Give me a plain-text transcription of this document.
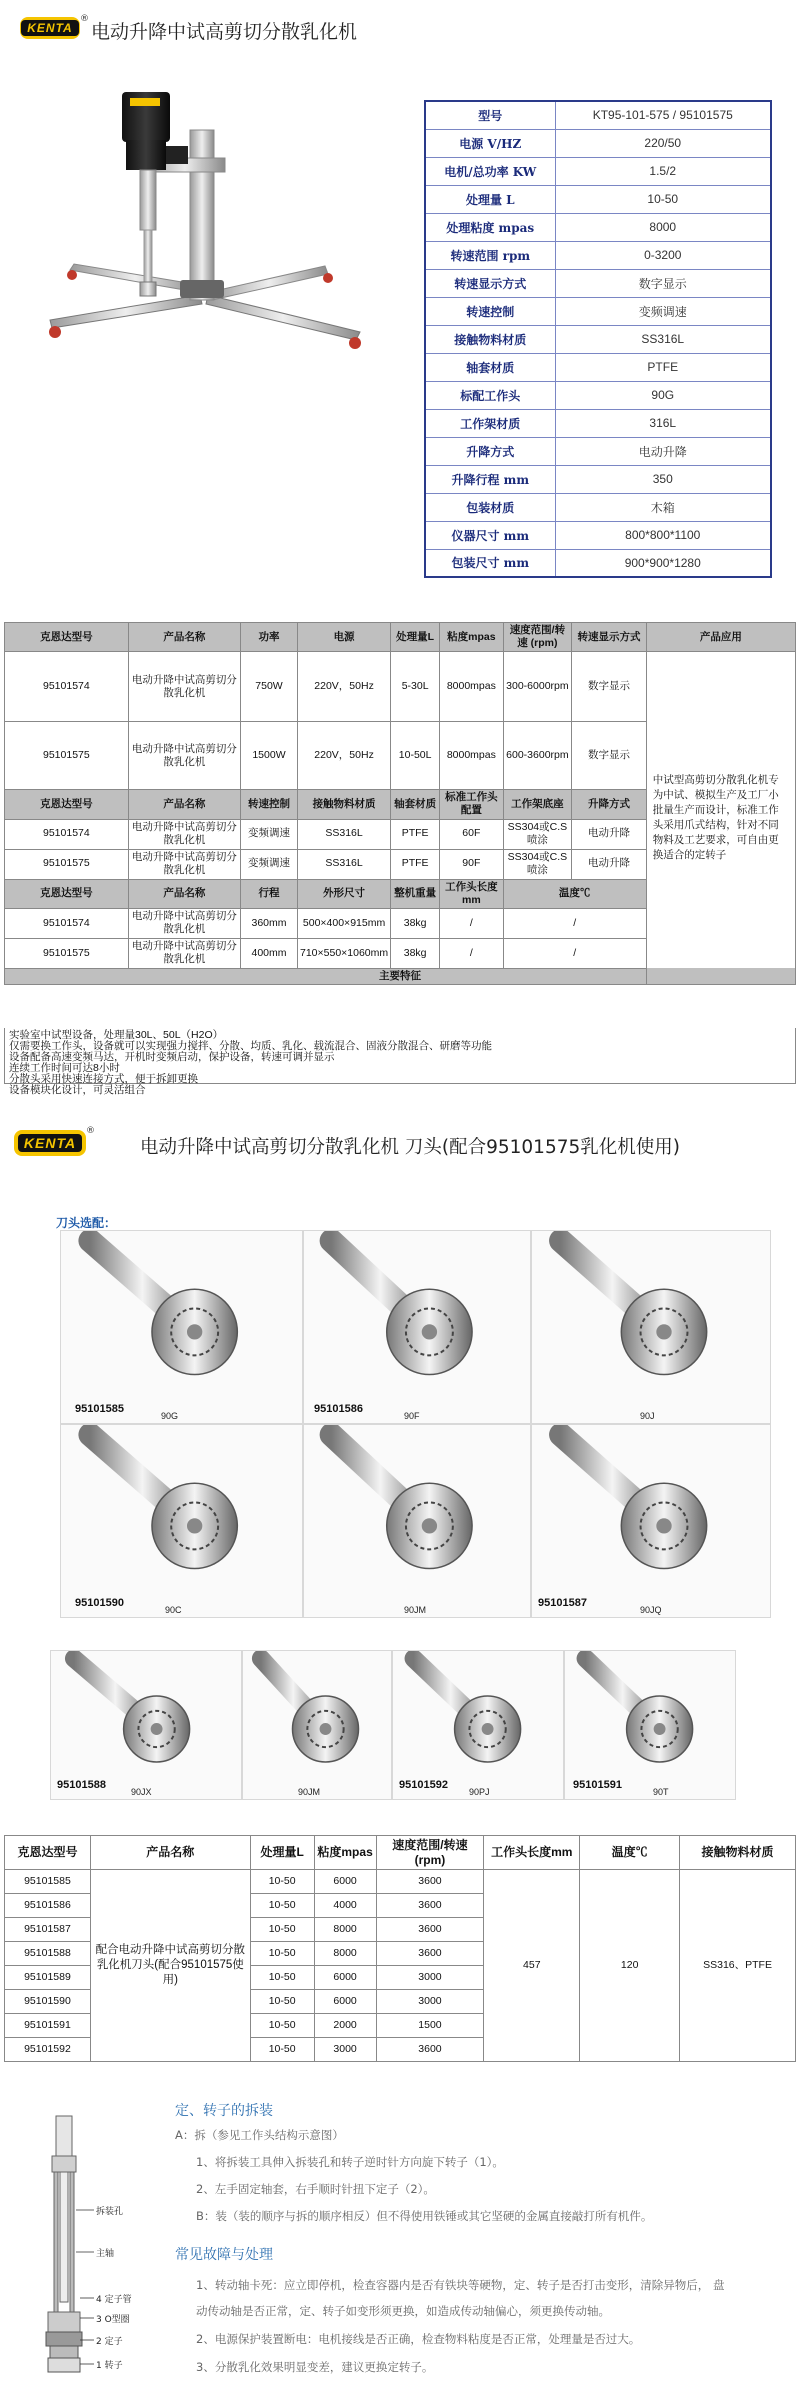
KENTA
®
电动升降中试高剪切分散乳化机
型号	KT95-101-575 / 95101575
电源 V/HZ	220/50
电机/总功率 KW	1.5/2
处理量 L	10-50
处理粘度 mpas	8000
转速范围 rpm	0-3200
转速显示方式	数字显示
转速控制	变频调速
接触物料材质	SS316L
轴套材质	PTFE
标配工作头	90G
工作架材质	316L
升降方式	电动升降
升降行程 mm	350
包装材质	木箱
仪器尺寸 mm	800*800*1100
包装尺寸 mm	900*900*1280
克恩达型号	产品名称	功率	电源	处理量L	粘度mpas	速度范围/转速 (rpm)	转速显示方式	产品应用
95101574	电动升降中试高剪切分散乳化机	750W	220V，50Hz	5-30L	8000mpas	300-6000rpm	数字显示	中试型高剪切分散乳化机专为中试、模拟生产及工厂小批量生产而设计，标准工作头采用爪式结构，针对不同物料及工艺要求，可自由更换适合的定转子
95101575	电动升降中试高剪切分散乳化机	1500W	220V，50Hz	10-50L	8000mpas	600-3600rpm	数字显示	
克恩达型号	产品名称	转速控制	接触物料材质	轴套材质	标准工作头配置	工作架底座	升降方式	
95101574	电动升降中试高剪切分散乳化机	变频调速	SS316L	PTFE	60F	SS304或C.S喷涂	电动升降	
95101575	电动升降中试高剪切分散乳化机	变频调速	SS316L	PTFE	90F	SS304或C.S喷涂	电动升降	
克恩达型号	产品名称	行程	外形尺寸	整机重量	工作头长度mm	温度℃		
95101574	电动升降中试高剪切分散乳化机	360mm	500×400×915mm	38kg	/	/		
95101575	电动升降中试高剪切分散乳化机	400mm	710×550×1060mm	38kg	/	/		
主要特征								
实验室中试型设备，处理量30L、50L（H2O）
仅需要换工作头，设备就可以实现强力搅拌、分散、均质、乳化、载流混合、固液分散混合、研磨等功能
设备配备高速变频马达，开机时变频启动，保护设备，转速可调并显示
连续工作时间可达8小时
分散头采用快速连接方式，便于拆卸更换
设备模块化设计，可灵活组合
KENTA
®
电动升降中试高剪切分散乳化机 刀头(配合95101575乳化机使用)
刀头选配：
95101585
90G
95101586
90F	90J
95101590
90C	90JM
95101587
90JQ
95101588
90JX	90JM
95101592
90PJ
95101591
90T
克恩达型号	产品名称	处理量L	粘度mpas	速度范围/转速(rpm)	工作头长度mm	温度℃	接触物料材质
95101585	配合电动升降中试高剪切分散乳化机刀头(配合95101575使用)	10-50	6000	3600	457	120	SS316、PTFE
95101586		10-50	4000	3600			
95101587		10-50	8000	3600			
95101588		10-50	8000	3600			
95101589		10-50	6000	3000			
95101590		10-50	6000	3000			
95101591		10-50	2000	1500			
95101592		10-50	3000	3600			
拆装孔
主轴
4 定子管
3 O型圈
2 定子
1 转子
定、转子的拆装
A：拆（参见工作头结构示意图）
1、将拆装工具伸入拆装孔和转子逆时针方向旋下转子（1）。
2、左手固定轴套，右手顺时针扭下定子（2）。
B：装（装的顺序与拆的顺序相反）但不得使用铁锤或其它坚硬的金属直接敲打所有机件。
常见故障与处理
1、转动轴卡死：应立即停机，检查容器内是否有铁块等硬物，定、转子是否打击变形，清除异物后， 盘
动传动轴是否正常，定、转子如变形须更换，如造成传动轴偏心，须更换传动轴。
2、电源保护装置断电：电机接线是否正确，检查物料粘度是否正常，处理量是否过大。
3、分散乳化效果明显变差，建议更换定转子。
